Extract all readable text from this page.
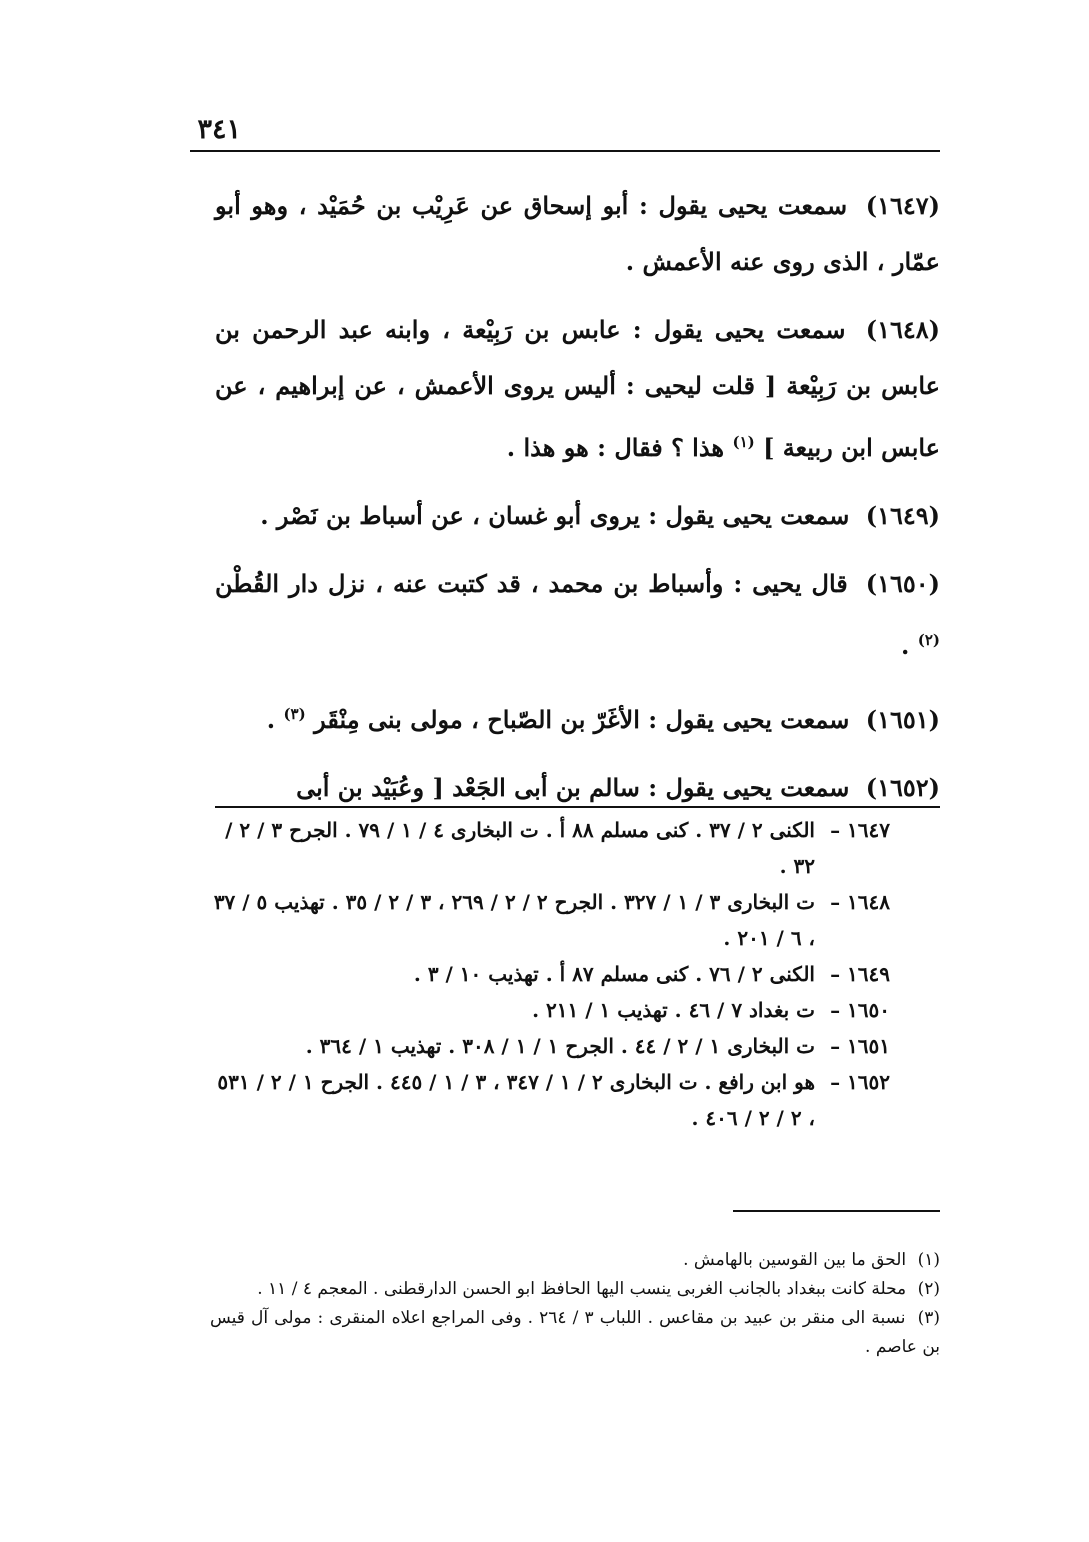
٣٤١

(١٦٤٧) سمعت يحيى يقول : أبو إسحاق عن عَرِيْب بن حُمَيْد ، وهو أبو عمّار ، الذى روى عنه الأعمش .

(١٦٤٨) سمعت يحيى يقول : عابس بن رَبِيْعة ، وابنه عبد الرحمن بن عابس بن رَبِيْعة [ قلت ليحيى : أليس يروى الأعمش ، عن إبراهيم ، عن عابس ابن ربيعة ] $^{(١)}$ هذا ؟ فقال : هو هذا .

(١٦٤٩) سمعت يحيى يقول : يروى أبو غسان ، عن أسباط بن نَصْر .

(١٦٥٠) قال يحيى : وأسباط بن محمد ، قد كتبت عنه ، نزل دار القُطْن $^{(٢)}$ .

(١٦٥١) سمعت يحيى يقول : الأغَرّ بن الصّباح ، مولى بنى مِنْقَر $^{(٣)}$ .

(١٦٥٢) سمعت يحيى يقول : سالم بن أبى الجَعْد [ وعُبَيْد بن أبى

١٦٤٧ –الكنى ٢ / ٣٧ . كنى مسلم ٨٨ أ . ت البخارى ٤ / ١ / ٧٩ . الجرح ٣ / ٢ / ٣٢ .

١٦٤٨ –ت البخارى ٣ / ١ / ٣٢٧ . الجرح ٢ / ٢ / ٢٦٩ ، ٣ / ٢ / ٣٥ . تهذيب ٥ / ٣٧ ، ٦ / ٢٠١ .

١٦٤٩ –الكنى ٢ / ٧٦ . كنى مسلم ٨٧ أ . تهذيب ١٠ / ٣ .

١٦٥٠ –ت بغداد ٧ / ٤٦ . تهذيب ١ / ٢١١ .

١٦٥١ –ت البخارى ١ / ٢ / ٤٤ . الجرح ١ / ١ / ٣٠٨ . تهذيب ١ / ٣٦٤ .

١٦٥٢ –هو ابن رافع . ت البخارى ٢ / ١ / ٣٤٧ ، ٣ / ١ / ٤٤٥ . الجرح ١ / ٢ / ٥٣١ ، ٢ / ٢ / ٤٠٦ .

(١) الحق ما بين القوسين بالهامش .

(٢) محلة كانت ببغداد بالجانب الغربى ينسب اليها الحافظ ابو الحسن الدارقطنى . المعجم ٤ / ١١ .

(٣) نسبة الى منقر بن عبيد بن مقاعس . اللباب ٣ / ٢٦٤ . وفى المراجع اعلاه المنقرى : مولى آل قيس بن عاصم .
